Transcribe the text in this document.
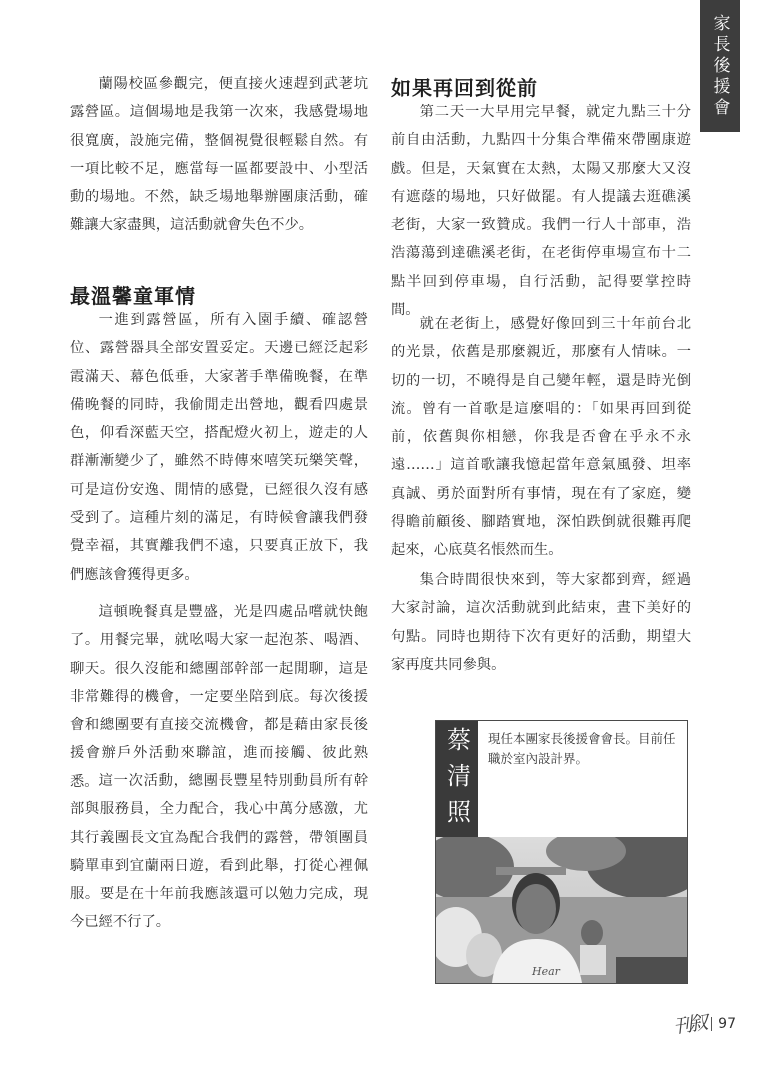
家長後援會

蘭陽校區參觀完，便直接火速趕到武荖坑露營區。這個場地是我第一次來，我感覺場地很寬廣，設施完備，整個視覺很輕鬆自然。有一項比較不足，應當每一區都要設中、小型活動的場地。不然，缺乏場地舉辦團康活動，確難讓大家盡興，這活動就會失色不少。

最溫馨童軍情

一進到露營區，所有入園手續、確認營位、露營器具全部安置妥定。天邊已經泛起彩霞滿天、幕色低垂，大家著手準備晚餐，在準備晚餐的同時，我偷閒走出營地，觀看四處景色，仰看深藍天空，搭配燈火初上，遊走的人群漸漸變少了，雖然不時傳來嘻笑玩樂笑聲，可是這份安逸、閒情的感覺，已經很久沒有感受到了。這種片刻的滿足，有時候會讓我們發覺幸福，其實離我們不遠，只要真正放下，我們應該會獲得更多。

這頓晚餐真是豐盛，光是四處品嚐就快飽了。用餐完畢，就吆喝大家一起泡茶、喝酒、聊天。很久沒能和總團部幹部一起閒聊，這是非常難得的機會，一定要坐陪到底。每次後援會和總團要有直接交流機會，都是藉由家長後援會辦戶外活動來聯誼，進而接觸、彼此熟悉。 這一次活動，總團長豐星特別動員所有幹部與服務員，全力配合，我心中萬分感激，尤其行義團長文宜為配合我們的露營，帶領團員騎單車到宜蘭兩日遊，看到此舉，打從心裡佩服。要是在十年前我應該還可以勉力完成，現今已經不行了。

如果再回到從前

第二天一大早用完早餐，就定九點三十分前自由活動，九點四十分集合準備來帶團康遊戲。但是，天氣實在太熱，太陽又那麼大又沒有遮蔭的場地，只好做罷。有人提議去逛礁溪老街，大家一致贊成。我們一行人十部車，浩浩蕩蕩到達礁溪老街，在老街停車場宣布十二點半回到停車場，自行活動，記得要掌控時間。

就在老街上，感覺好像回到三十年前台北的光景，依舊是那麼親近，那麼有人情味。一切的一切，不曉得是自己變年輕，還是時光倒流。曾有一首歌是這麼唱的：「如果再回到從前，依舊與你相戀，你我是否會在乎永不永遠……」這首歌讓我憶起當年意氣風發、坦率真誠、勇於面對所有事情，現在有了家庭，變得瞻前顧後、腳踏實地，深怕跌倒就很難再爬起來，心底莫名悵然而生。

集合時間很快來到，等大家都到齊，經過大家討論，這次活動就到此結束，晝下美好的句點。同時也期待下次有更好的活動，期望大家再度共同參與。

蔡清照	現任本團家長後援會會長。目前任職於室內設計界。

Hear
刊叙 97
